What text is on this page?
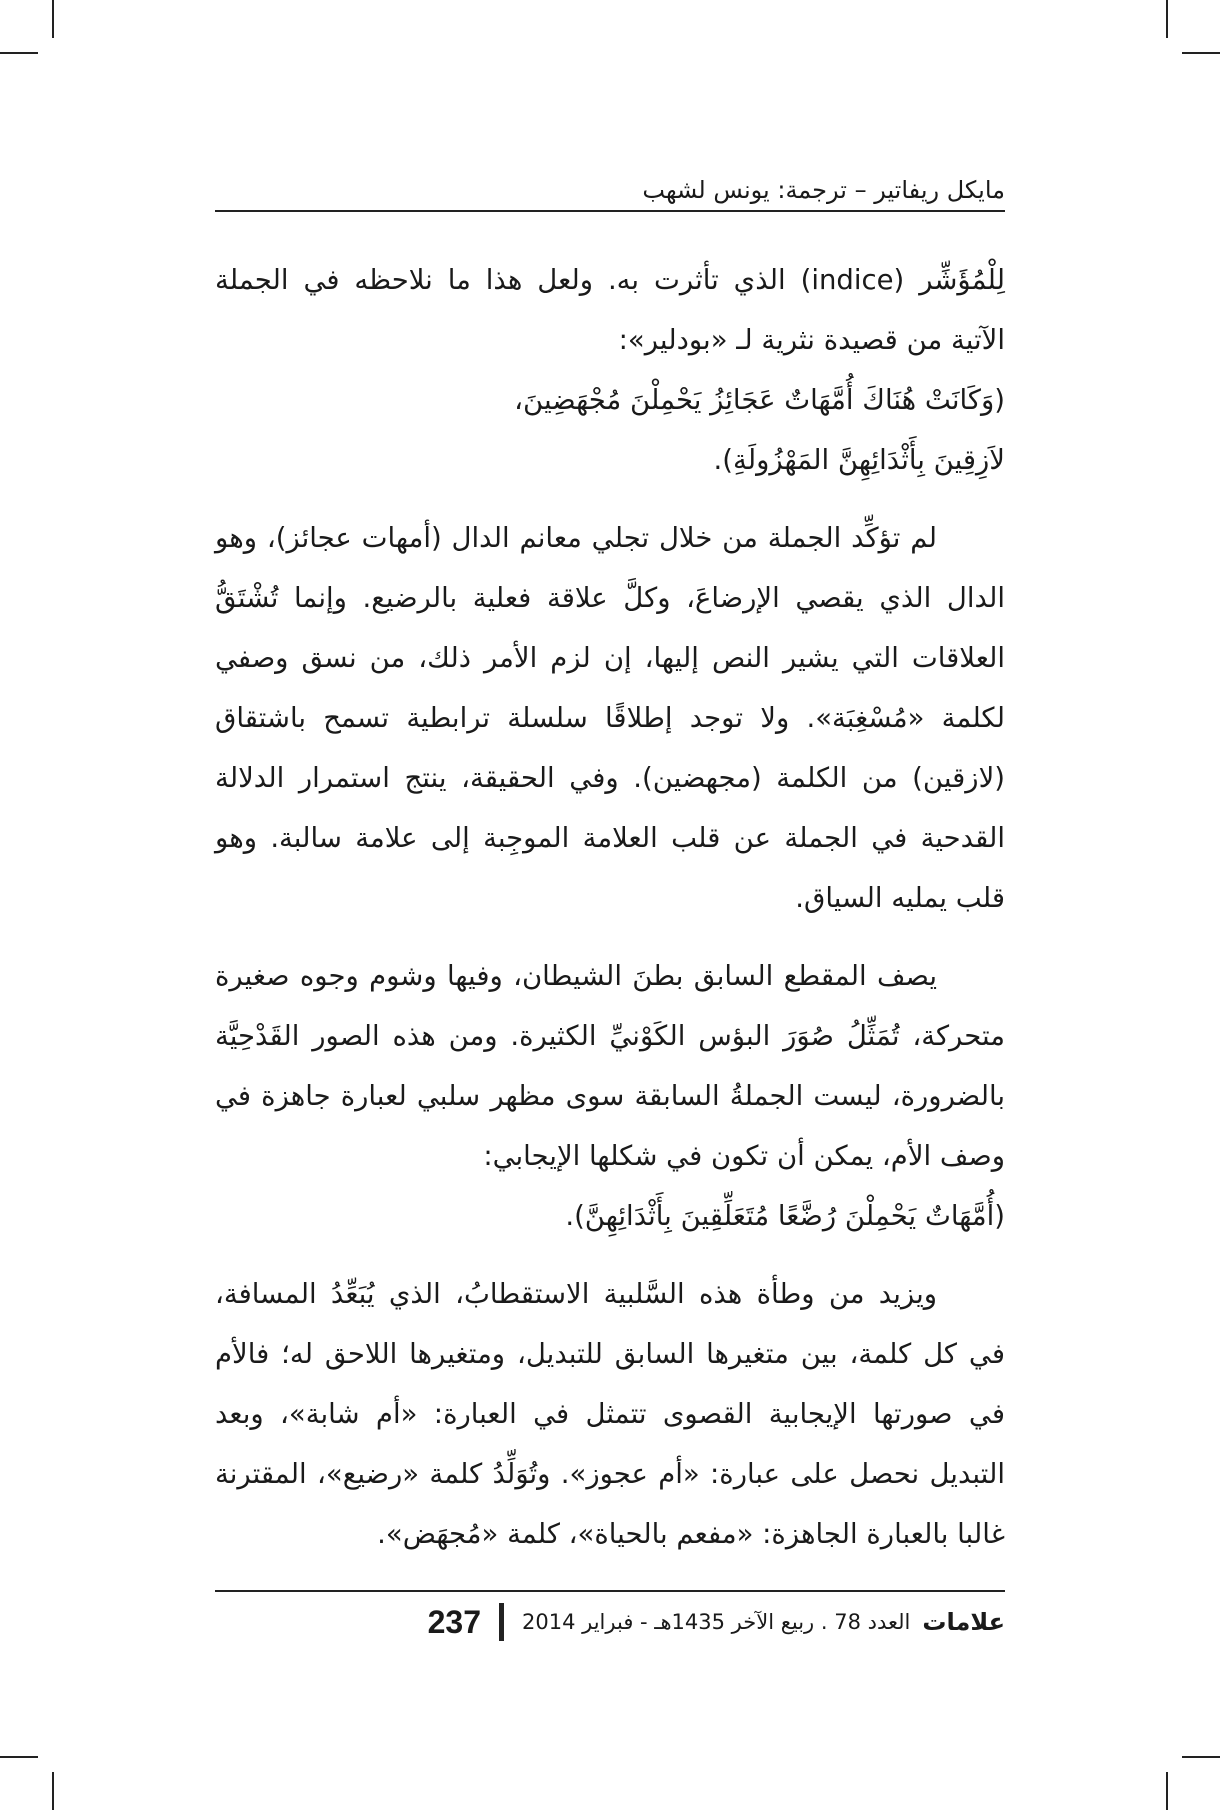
مايكل ريفاتير – ترجمة: يونس لشهب

لِلْمُؤَشِّر (indice) الذي تأثرت به. ولعل هذا ما نلاحظه في الجملة الآتية من قصيدة نثرية لـ «بودلير»:

(وَكَانَتْ هُنَاكَ أُمَّهَاتٌ عَجَائِزُ يَحْمِلْنَ مُجْهَضِينَ،

لاَزِقِينَ بِأَثْدَائِهِنَّ المَهْزُولَةِ).

لم تؤكِّد الجملة من خلال تجلي معانم الدال (أمهات عجائز)، وهو الدال الذي يقصي الإرضاعَ، وكلَّ علاقة فعلية بالرضيع. وإنما تُشْتَقُّ العلاقات التي يشير النص إليها، إن لزم الأمر ذلك، من نسق وصفي لكلمة «مُسْغِبَة». ولا توجد إطلاقًا سلسلة ترابطية تسمح باشتقاق (لازقين) من الكلمة (مجهضين). وفي الحقيقة، ينتج استمرار الدلالة القدحية في الجملة عن قلب العلامة الموجِبة إلى علامة سالبة. وهو قلب يمليه السياق.

يصف المقطع السابق بطنَ الشيطان، وفيها وشوم وجوه صغيرة متحركة، تُمَثِّلُ صُوَرَ البؤس الكَوْنيِّ الكثيرة. ومن هذه الصور القَدْحِيَّة بالضرورة، ليست الجملةُ السابقة سوى مظهر سلبي لعبارة جاهزة في وصف الأم، يمكن أن تكون في شكلها الإيجابي:

(أُمَّهَاتٌ يَحْمِلْنَ رُضَّعًا مُتَعَلِّقِينَ بِأَثْدَائِهِنَّ).

ويزيد من وطأة هذه السَّلبية الاستقطابُ، الذي يُبَعِّدُ المسافة، في كل كلمة، بين متغيرها السابق للتبديل، ومتغيرها اللاحق له؛ فالأم في صورتها الإيجابية القصوى تتمثل في العبارة: «أم شابة»، وبعد التبديل نحصل على عبارة: «أم عجوز». وتُوَلِّدُ كلمة «رضيع»، المقترنة غالبا بالعبارة الجاهزة: «مفعم بالحياة»، كلمة «مُجهَض».

علامات
العدد 78 . ربيع الآخر 1435هـ - فبراير 2014
237
